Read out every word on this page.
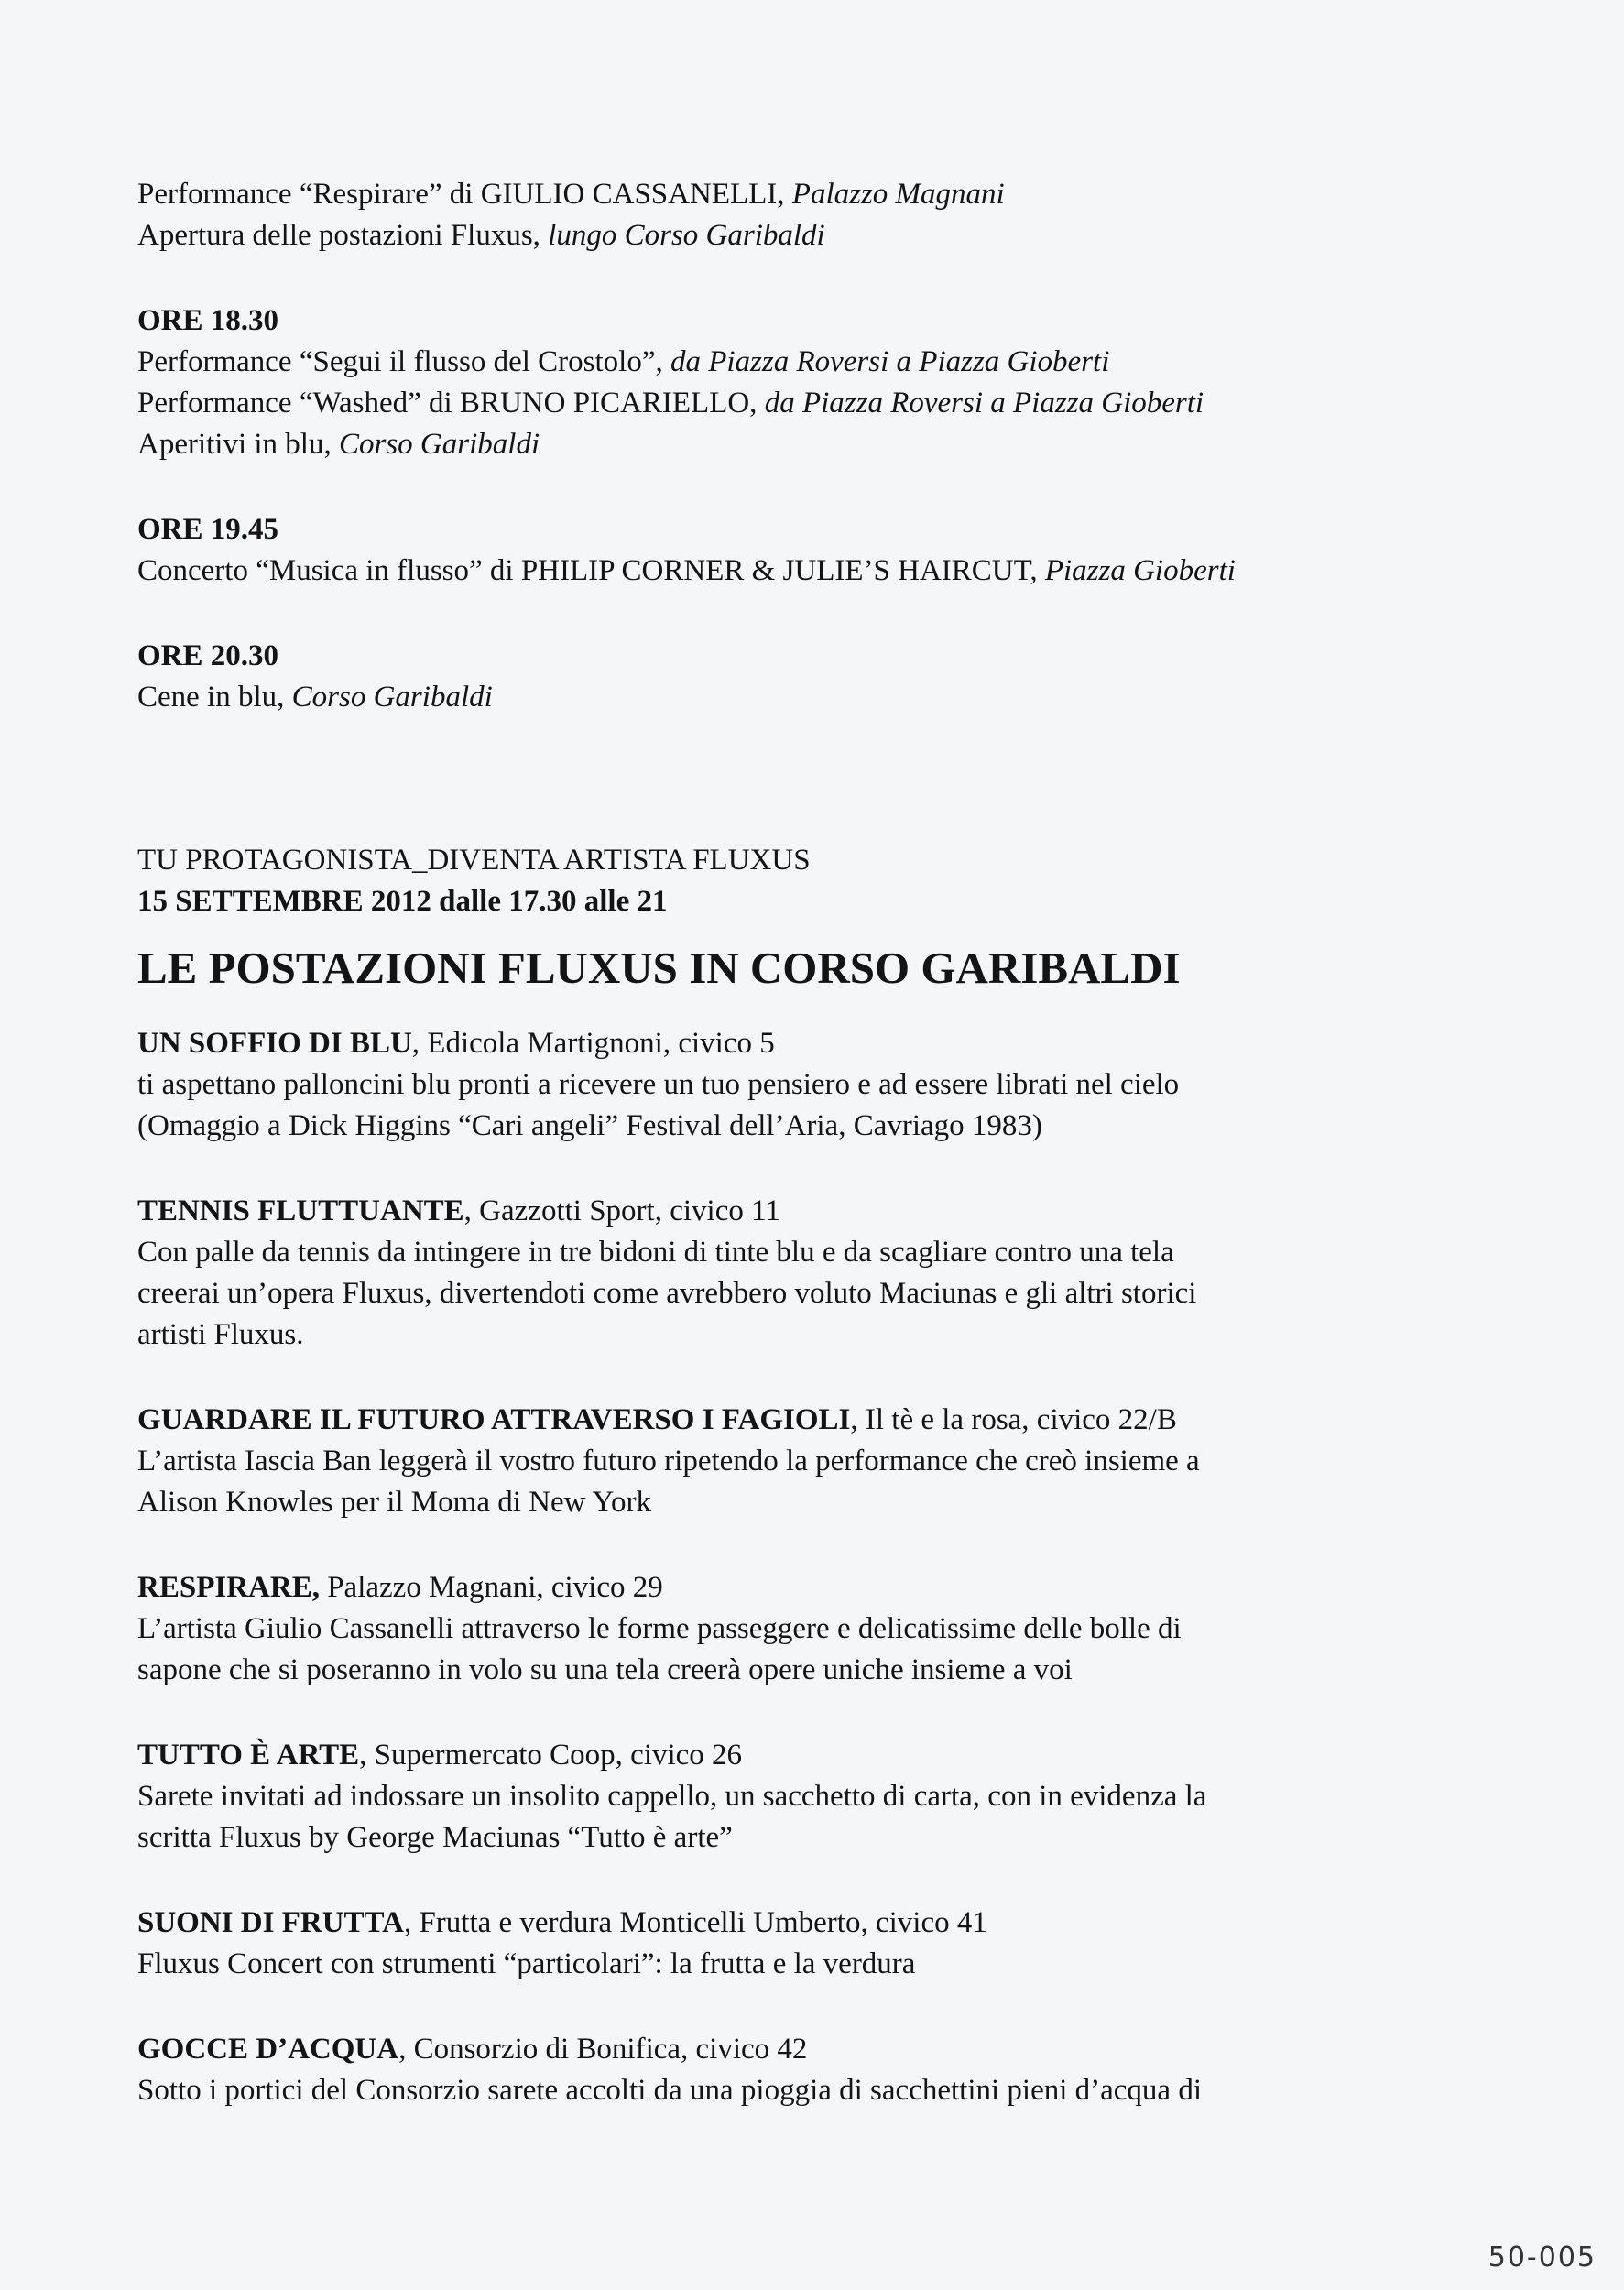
Performance “Respirare” di GIULIO CASSANELLI, Palazzo Magnani

Apertura delle postazioni Fluxus, lungo Corso Garibaldi

ORE 18.30

Performance “Segui il flusso del Crostolo”, da Piazza Roversi a Piazza Gioberti

Performance “Washed” di BRUNO PICARIELLO, da Piazza Roversi a Piazza Gioberti

Aperitivi in blu, Corso Garibaldi

ORE 19.45

Concerto “Musica in flusso” di PHILIP CORNER & JULIE’S HAIRCUT, Piazza Gioberti

ORE 20.30

Cene in blu, Corso Garibaldi

TU PROTAGONISTA_DIVENTA ARTISTA FLUXUS

15 SETTEMBRE 2012 dalle 17.30 alle 21

LE POSTAZIONI FLUXUS IN CORSO GARIBALDI

UN SOFFIO DI BLU, Edicola Martignoni, civico 5

ti aspettano palloncini blu pronti a ricevere un tuo pensiero e ad essere librati nel cielo

(Omaggio a Dick Higgins “Cari angeli” Festival dell’Aria, Cavriago 1983)

TENNIS FLUTTUANTE, Gazzotti Sport, civico 11

Con palle da tennis da intingere in tre bidoni di tinte blu e da scagliare contro una tela

creerai un’opera Fluxus, divertendoti come avrebbero voluto Maciunas e gli altri storici

artisti Fluxus.

GUARDARE IL FUTURO ATTRAVERSO I FAGIOLI, Il tè e la rosa, civico 22/B

L’artista Iascia Ban leggerà il vostro futuro ripetendo la performance che creò insieme a

Alison Knowles per il Moma di New York

RESPIRARE, Palazzo Magnani, civico 29

L’artista Giulio Cassanelli attraverso le forme passeggere e delicatissime delle bolle di

sapone che si poseranno in volo su una tela creerà opere uniche insieme a voi

TUTTO È ARTE, Supermercato Coop, civico 26

Sarete invitati ad indossare un insolito cappello, un sacchetto di carta, con in evidenza la

scritta Fluxus by George Maciunas “Tutto è arte”

SUONI DI FRUTTA, Frutta e verdura Monticelli Umberto, civico 41

Fluxus Concert con strumenti “particolari”: la frutta e la verdura

GOCCE D’ACQUA, Consorzio di Bonifica, civico 42

Sotto i portici del Consorzio sarete accolti da una pioggia di sacchettini pieni d’acqua di

50-005
